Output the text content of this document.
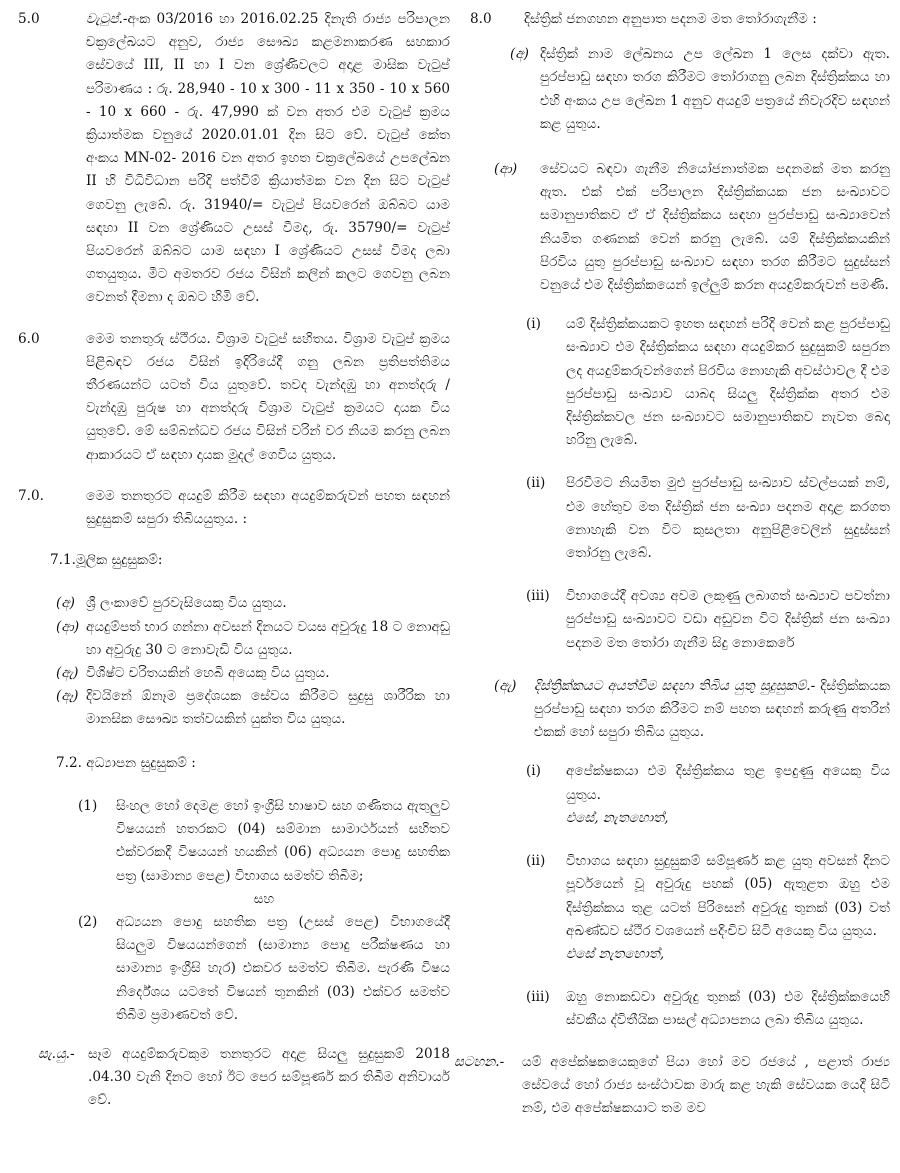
5.0	වැටුප්.-අංක 03/2016 හා 2016.02.25 දිනැති රාජ්‍ය පරිපාලන චක්‍රලේඛයට අනුව, රාජ්‍ය සෞඛ්‍ය කළමනාකරණ සහකාර සේවයේ III, II හා I වන ශ්‍රේණිවලට අදාළ මාසික වැටුප් පරිමාණය : රු. 28,940 - 10 x 300 - 11 x 350 - 10 x 560 - 10 x 660 - රු. 47,990 ක් වන අතර එම වැටුප් ක්‍රමය ක්‍රියාත්මක වනුයේ 2020.01.01 දින සිට වේ. වැටුප් කේත අංකය MN-02- 2016 වන අතර ඉහත චක්‍රලේඛයේ උපලේඛන II හි විධිවිධාන පරිදි පත්වීම් ක්‍රියාත්මක වන දින සිට වැටුප් ගෙවනු ලැබේ. රු. 31940/= වැටුප් පියවරෙන් ඔබ්බට යාම සඳහා II වන ශ්‍රේණියට උසස් වීමද, රු. 35790/= වැටුප් පියවරෙන් ඔබ්බට යාම සඳහා I ශ්‍රේණියට උසස් වීමද ලබා ගතයුතුය. මීට අමතරව රජය විසින් කලින් කලට ගෙවනු ලබන වෙනත් දීමනා ද ඔබට හිමි වේ.
6.0	මෙම තනතුරු ස්ථිරය. විශ්‍රාම වැටුප් සහිතය. විශ්‍රාම වැටුප් ක්‍රමය පිළිබඳව රජය විසින් ඉදිරියේදී ගනු ලබන ප්‍රතිපත්තිමය තීරණයන්ට යටත් විය යුතුවේ. තවද වැන්දඹු හා අනත්දරු / වැන්දඹු පුරුෂ හා අනත්දරු විශ්‍රාම වැටුප් ක්‍රමයට දායක විය යුතුවේ. මේ සම්බන්ධව රජය විසින් වරින් වර නියම කරනු ලබන ආකාරයට ඒ සඳහා දායක මුදල් ගෙවිය යුතුය.
7.0.	මෙම තනතුරට අයදුම් කිරීම සඳහා අයදුම්කරුවන් පහත සඳහන් සුදුසුකම් සපුරා තිබියයුතුය. :
7.1.මූලික සුදුසුකම්:
(අ) ශ්‍රී ලංකාවේ පුරවැසියෙකු විය යුතුය.
(ආ) අයදුම්පත් භාර ගන්නා අවසන් දිනයට වයස අවුරුදු 18 ට නොඅඩු හා අවුරුදු 30 ට නොවැඩි විය යුතුය.
(ඇ) විශිෂ්ට චරිතයකින් හෙබි අයෙකු විය යුතුය.
(ඈ) දිවයිනේ ඕනෑම ප්‍රදේශයක සේවය කිරීමට සුදුසු ශාරීරික හා මානසික සෞඛ්‍ය තත්වයකින් යුක්ත විය යුතුය.
7.2. අධ්‍යාපන සුදුසුකම් :
(1)	සිංහල හෝ දෙමළ හෝ ඉංග්‍රීසි භාෂාව සහ ගණිතය ඇතුලුව විෂයයන් හතරකට (04) සම්මාන සාමාර්ථයන් සහිතව එක්වරකදී විෂයයන් හයකින් (06) අධ්‍යයන පොදු සහතික පත්‍ර (සාමාන්‍ය පෙළ) විභාගය සමත්ව තිබීම;
සහ
(2)	අධ්‍යයන පොදු සහතික පත්‍ර (උසස් පෙළ) විභාගයේදී සියලුම විෂයයන්ගෙන් (සාමාන්‍ය පොදු පරීක්ෂණය හා සාමාන්‍ය ඉංග්‍රීසි හැර) එකවර සමත්ව තිබීම. පැරණි විෂය නිර්දේශය යටතේ විෂයන් තුනකින් (03) එක්වර සමත්ව තිබීම ප්‍රමාණවත් වේ.
සැ.යු.- සෑම අයදුම්කරුවකුම තනතුරට අදාළ සියලු සුදුසුකම් 2018 .04.30 වැනි දිනට හෝ ඊට පෙර සම්පූර්ණ කර තිබීම අනිවාර්ය වේ.
8.0	දිස්ත්‍රික් ජනගහන අනුපාත පදනම මත තෝරාගැනීම :
(අ) දිස්ත්‍රික් නාම ලේඛනය උප ලේඛන 1 ලෙස දක්වා ඇත. පුරප්පාඩු සඳහා තරග කිරීමට තෝරාගනු ලබන දිස්ත්‍රික්කය හා එහි අංකය උප ලේඛන 1 අනුව අයදුම් පත්‍රයේ නිවැරදිව සඳහන් කළ යුතුය.
(ආ)	සේවයට බඳවා ගැනීම නියෝජනාත්මක පදනමක් මත කරනු ඇත. එක් එක් පරිපාලන දිස්ත්‍රික්කයක ජන සංඛ්‍යාවට සමානුපාතිකව ඒ ඒ දිස්ත්‍රික්කය සඳහා පුරප්පාඩු සංඛ්‍යාවෙන් නියමිත ගණනක් වෙන් කරනු ලැබේ. යම් දිස්ත්‍රික්කයකින් පිරවිය යුතු පුරප්පාඩු සංඛ්‍යාව සඳහා තරග කිරීමට සුදුස්සන් වනුයේ එම දිස්ත්‍රික්කයෙන් ඉල්ලුම් කරන අයදුම්කරුවන් පමණි.
(i)	යම් දිස්ත්‍රික්කයකට ඉහත සඳහන් පරිදි වෙන් කළ පුරප්පාඩු සංඛ්‍යාව එම දිස්ත්‍රික්කය සඳහා අයදුම්කර සුදුසුකම් සපුරන ලද අයදුම්කරුවන්ගෙන් පිරවිය නොහැකි අවස්ථාවල දී එම පුරප්පාඩු සංඛ්‍යාව යාබද සියලු දිස්ත්‍රික්ක අතර එම දිස්ත්‍රික්කවල ජන සංඛ්‍යාවට සමානුපාතිකව නැවත බෙදා හරිනු ලැබේ.
(ii)	පිරවීමට නියමිත මුළු පුරප්පාඩු සංඛ්‍යාව ස්වල්පයක් නම්, එම හේතුව මත දිස්ත්‍රික් ජන සංඛ්‍යා පදනම අදාළ කරගත නොහැකි වන විට කුසලතා අනුපිළිවෙලින් සුදුස්සන් තෝරනු ලැබේ.
(iii)	විභාගයේදී අවශ්‍ය අවම ලකුණු ලබාගත් සංඛ්‍යාව පවත්නා පුරප්පාඩු සංඛ්‍යාවට වඩා අඩුවන විට දිස්ත්‍රික් ජන සංඛ්‍යා පදනම මත තෝරා ගැනීම සිදු නොකෙරේ
(ඇ)	දිස්ත්‍රික්කයට අයත්වීම සඳහා තිබිය යුතු සුදුසුකම්.- දිස්ත්‍රික්කයක පුරප්පාඩු සඳහා තරග කිරීමට නම් පහත සඳහන් කරුණු අතරින් එකක් හෝ සපුරා තිබිය යුතුය.
(i)	අපේක්ෂකයා එම දිස්ත්‍රික්කය තුළ ඉපදුණු අයෙකු විය යුතුය.
එසේ, නැතහොත්,
(ii)	විභාගය සඳහා සුදුසුකම් සම්පූර්ණ කළ යුතු අවසන් දිනට පූර්වයෙන් වූ අවුරුදු පහක් (05) ඇතුළත ඔහු එම දිස්ත්‍රික්කය තුළ යටත් පිරිසෙන් අවුරුදු තුනක් (03) වත් අඛණ්ඩව ස්ථිර වශයෙන් පදිංචිව සිටි අයෙකු විය යුතුය.
එසේ නැතහොත්,
(iii)	ඔහු නොකඩවා අවුරුදු තුනක් (03) එම දිස්ත්‍රික්කයෙහි ස්වකීය ද්විතීයික පාසල් අධ්‍යාපනය ලබා තිබිය යුතුය.
සටහන.-	යම් අපේක්ෂකයෙකුගේ පියා හෝ මව රජයේ , පළාත් රාජ්‍ය සේවයේ හෝ රාජ්‍ය සංස්ථාවක මාරු කළ හැකි සේවයක යෙදී සිටි නම්, එම අපේක්ෂකයාට තම මව
